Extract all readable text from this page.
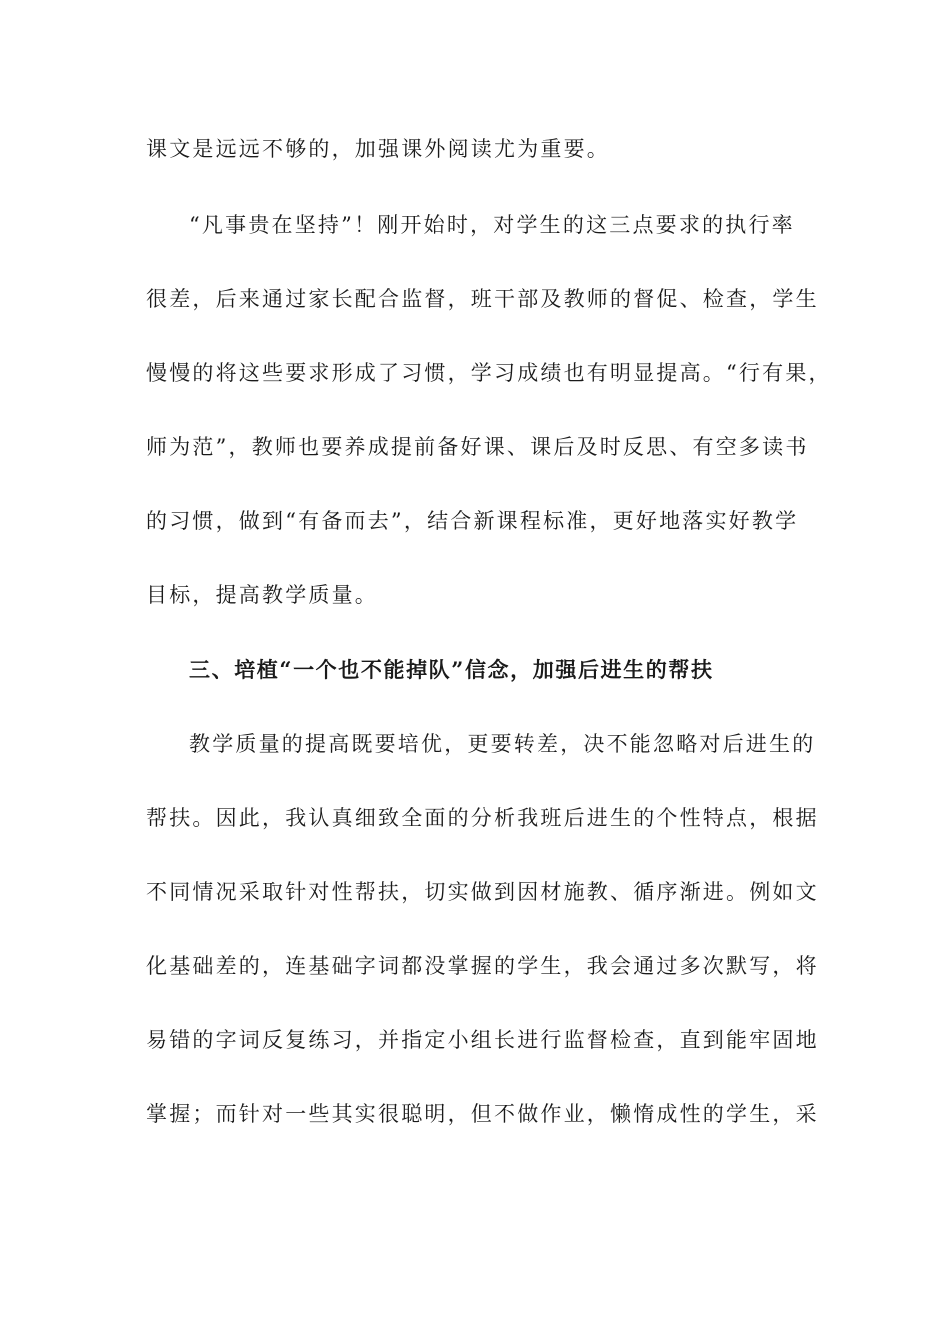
课文是远远不够的，加强课外阅读尤为重要。
“凡事贵在坚持”！刚开始时，对学生的这三点要求的执行率
很差，后来通过家长配合监督，班干部及教师的督促、检查，学生
慢慢的将这些要求形成了习惯，学习成绩也有明显提高。“行有果，
师为范”，教师也要养成提前备好课、课后及时反思、有空多读书
的习惯，做到“有备而去”，结合新课程标准，更好地落实好教学
目标，提高教学质量。
三、培植“一个也不能掉队”信念，加强后进生的帮扶
教学质量的提高既要培优，更要转差，决不能忽略对后进生的
帮扶。因此，我认真细致全面的分析我班后进生的个性特点，根据
不同情况采取针对性帮扶，切实做到因材施教、循序渐进。例如文
化基础差的，连基础字词都没掌握的学生，我会通过多次默写，将
易错的字词反复练习，并指定小组长进行监督检查，直到能牢固地
掌握；而针对一些其实很聪明，但不做作业，懒惰成性的学生，采
